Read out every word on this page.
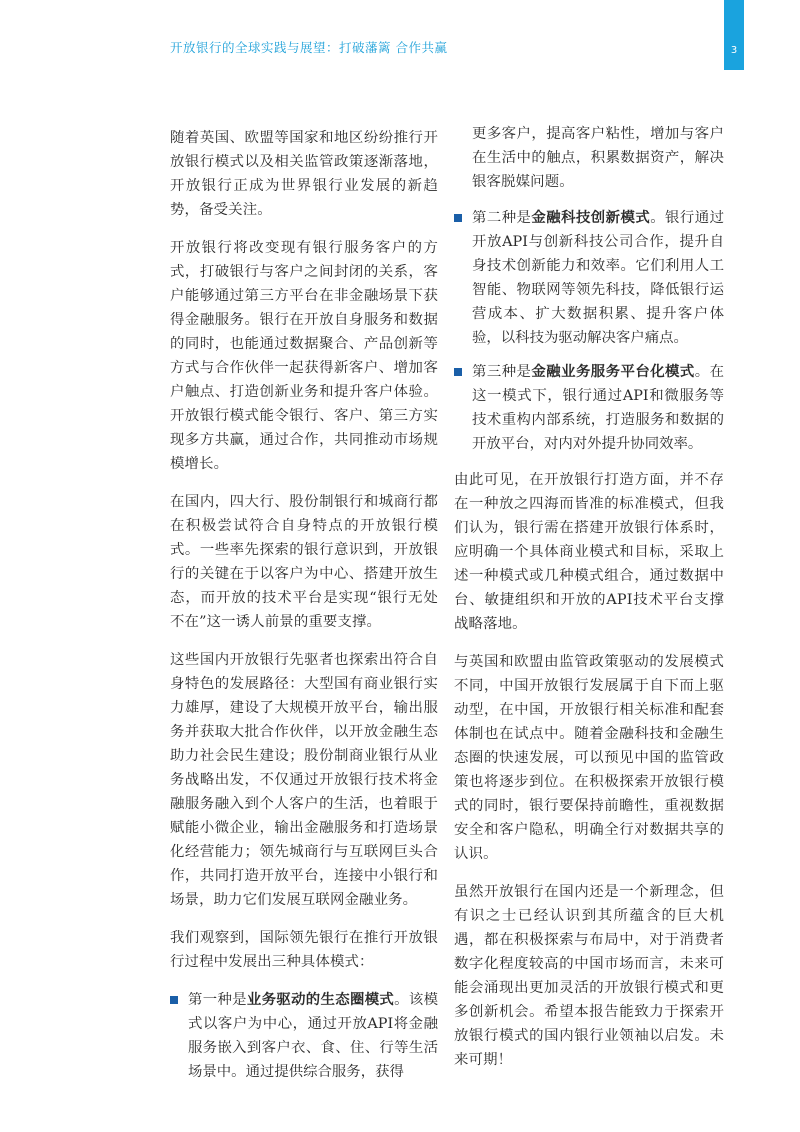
开放银行的全球实践与展望：打破藩篱 合作共赢	3

随着英国、欧盟等国家和地区纷纷推行开放银行模式以及相关监管政策逐渐落地，开放银行正成为世界银行业发展的新趋势，备受关注。

开放银行将改变现有银行服务客户的方式，打破银行与客户之间封闭的关系，客户能够通过第三方平台在非金融场景下获得金融服务。银行在开放自身服务和数据的同时，也能通过数据聚合、产品创新等方式与合作伙伴一起获得新客户、增加客户触点、打造创新业务和提升客户体验。开放银行模式能令银行、客户、第三方实现多方共赢，通过合作，共同推动市场规模增长。

在国内，四大行、股份制银行和城商行都在积极尝试符合自身特点的开放银行模式。一些率先探索的银行意识到，开放银行的关键在于以客户为中心、搭建开放生态，而开放的技术平台是实现“银行无处不在”这一诱人前景的重要支撑。

这些国内开放银行先驱者也探索出符合自身特色的发展路径：大型国有商业银行实力雄厚，建设了大规模开放平台，输出服务并获取大批合作伙伴，以开放金融生态助力社会民生建设；股份制商业银行从业务战略出发，不仅通过开放银行技术将金融服务融入到个人客户的生活，也着眼于赋能小微企业，输出金融服务和打造场景化经营能力；领先城商行与互联网巨头合作，共同打造开放平台，连接中小银行和场景，助力它们发展互联网金融业务。

我们观察到，国际领先银行在推行开放银行过程中发展出三种具体模式：

第一种是业务驱动的生态圈模式。该模式以客户为中心，通过开放API将金融服务嵌入到客户衣、食、住、行等生活场景中。通过提供综合服务，获得

更多客户，提高客户粘性，增加与客户在生活中的触点，积累数据资产，解决银客脱媒问题。

第二种是金融科技创新模式。银行通过开放API与创新科技公司合作，提升自身技术创新能力和效率。它们利用人工智能、物联网等领先科技，降低银行运营成本、扩大数据积累、提升客户体验，以科技为驱动解决客户痛点。
第三种是金融业务服务平台化模式。在这一模式下，银行通过API和微服务等技术重构内部系统，打造服务和数据的开放平台，对内对外提升协同效率。

由此可见，在开放银行打造方面，并不存在一种放之四海而皆准的标准模式，但我们认为，银行需在搭建开放银行体系时，应明确一个具体商业模式和目标，采取上述一种模式或几种模式组合，通过数据中台、敏捷组织和开放的API技术平台支撑战略落地。

与英国和欧盟由监管政策驱动的发展模式不同，中国开放银行发展属于自下而上驱动型，在中国，开放银行相关标准和配套体制也在试点中。随着金融科技和金融生态圈的快速发展，可以预见中国的监管政策也将逐步到位。在积极探索开放银行模式的同时，银行要保持前瞻性，重视数据安全和客户隐私，明确全行对数据共享的认识。

虽然开放银行在国内还是一个新理念，但有识之士已经认识到其所蕴含的巨大机遇，都在积极探索与布局中，对于消费者数字化程度较高的中国市场而言，未来可能会涌现出更加灵活的开放银行模式和更多创新机会。希望本报告能致力于探索开放银行模式的国内银行业领袖以启发。未来可期！
